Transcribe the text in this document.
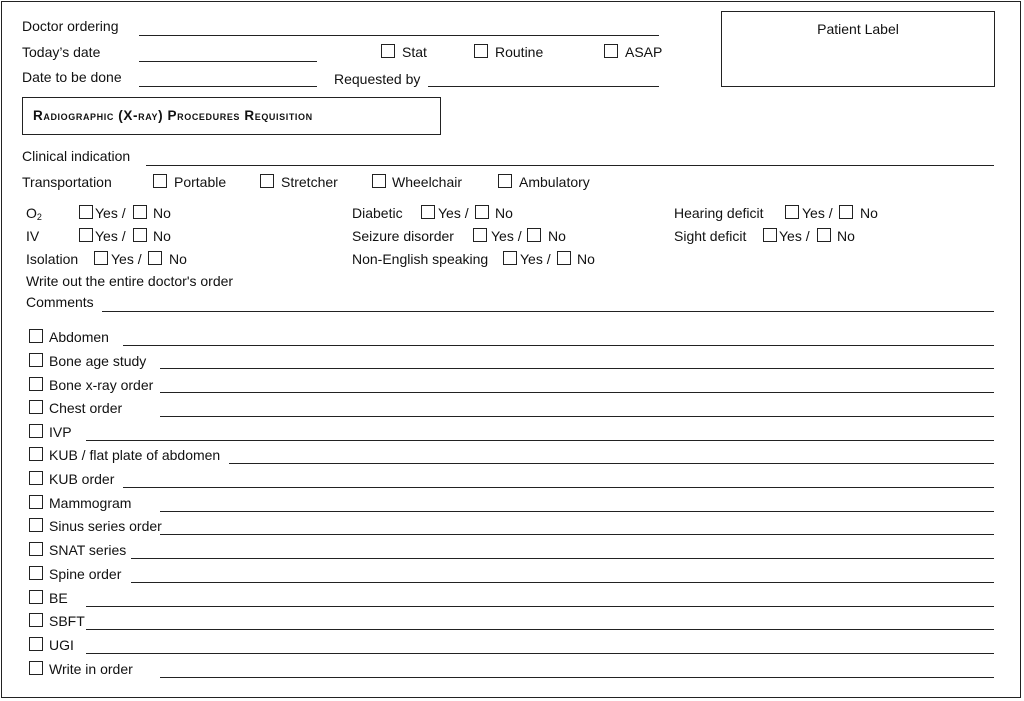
Doctor ordering
Today’s date	Stat	Routine	ASAP
Date to be done	Requested by
Patient Label
Radiographic (X-ray) Procedures Requisition
Clinical indication
Transportation	Portable	Stretcher	Wheelchair	Ambulatory
$O_2$	Yes / No
IV	Yes / No
Isolation Yes / No
Diabetic	Yes / No
Seizure disorder	Yes / No
Non-English speaking Yes / No
Hearing deficit	Yes / No
Sight deficit Yes / No
Write out the entire doctor's order
Comments
Abdomen
Bone age study
Bone x-ray order
Chest order
IVP
KUB / flat plate of abdomen
KUB order
Mammogram
Sinus series order
SNAT series
Spine order
BE
SBFT
UGI
Write in order
